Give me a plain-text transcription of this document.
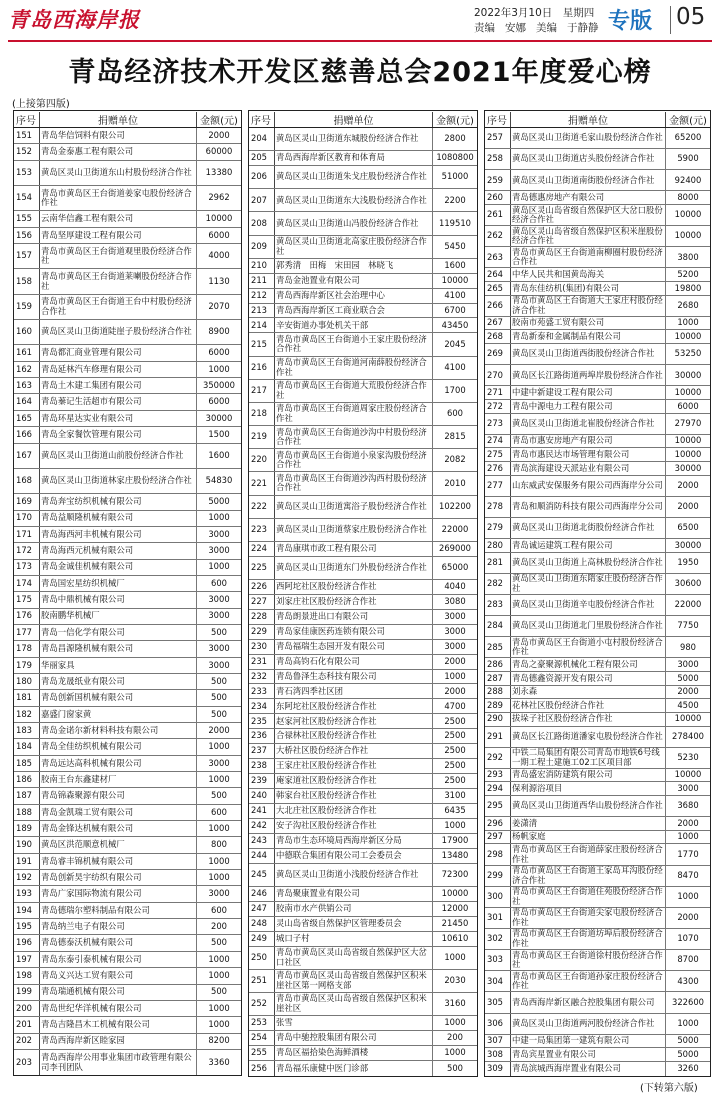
青岛西海岸报	2022年3月10日　星期四
责编 安娜 美编 于静静 专版 05
青岛经济技术开发区慈善总会2021年度爱心榜
(上接第四版)
序号	捐赠单位	金额(元)
151	青岛华信饲料有限公司	2000
152	青岛金泰惠工程有限公司	60000
153	黄岛区灵山卫街道东山村股份经济合作社	13380
154	青岛市黄岛区王台街道姜家屯股份经济合作社	2962
155	云南华信鑫工程有限公司	10000
156	青岛坚厚建设工程有限公司	6000
157	青岛市黄岛区王台街道观里股份经济合作社	4000
158	青岛市黄岛区王台街道莱喇股份经济合作社	1130
159	青岛市黄岛区王台街道王台中村股份经济合作社	2070
160	黄岛区灵山卫街道陡崖子股份经济合作社	8900
161	青岛都汇商业管理有限公司	6000
162	青岛延林汽车修理有限公司	1000
163	青岛土木建工集团有限公司	350000
164	青岛蓁记生活超市有限公司	6000
165	青岛环星达实业有限公司	30000
166	青岛全家餐饮管理有限公司	1500
167	黄岛区灵山卫街道山前股份经济合作社	1600
168	黄岛区灵山卫街道林家庄股份经济合作社	54830
169	青岛奔宝纺织机械有限公司	5000
170	青岛益顺隆机械有限公司	1000
171	青岛海西河丰机械有限公司	3000
172	青岛海西元机械有限公司	3000
173	青岛金诚佳机械有限公司	1000
174	青岛国宏星纺织机械厂	600
175	青岛中鼎机械有限公司	3000
176	胶南鹏华机械厂	3000
177	青岛一信化学有限公司	500
178	青岛昌源隆机械有限公司	3000
179	华丽家具	3000
180	青岛龙晟纸业有限公司	500
181	青岛创新国机械有限公司	500
182	嘉盛门窗家黄	500
183	青岛金诺尔新材料科技有限公司	2000
184	青岛全佳纺织机械有限公司	1000
185	青岛远达高科机械有限公司	3000
186	胶南王台东鑫建材厂	1000
187	青岛锦森聚源有限公司	500
188	青岛金凯瑞工贸有限公司	600
189	青岛金锋达机械有限公司	1000
190	黄岛区洪范顺意机械厂	800
191	青岛睿丰锦机械有限公司	1000
192	青岛创新昊宇纺织有限公司	1000
193	青岛广家国际物流有限公司	3000
194	青岛德瑞尔塑料制品有限公司	600
195	青岛纳兰电子有限公司	200
196	青岛德泰沃机械有限公司	500
197	青岛东泰引泰机械有限公司	1000
198	青岛义兴达工贸有限公司	1000
199	青岛瑞通机械有限公司	500
200	青岛世纪华洋机械有限公司	1000
201	青岛吉隆昌木工机械有限公司	1000
202	青岛西海岸新区睦家园	8200
203	青岛西海岸公用事业集团市政管理有限公司李刊团队	3360
序号	捐赠单位	金额(元)
204	黄岛区灵山卫街道东城股份经济合作社	2800
205	青岛西海岸新区教育和体育局	1080800
206	黄岛区灵山卫街道朱戈庄股份经济合作社	51000
207	黄岛区灵山卫街道东大浅股份经济合作社	2200
208	黄岛区灵山卫街道山冯股份经济合作社	119510
209	黄岛区灵山卫街道北高家庄股份经济合作社	5450
210	郭秀清　田梅　宋田园　林晓飞	1600
211	青岛金池置业有限公司	10000
212	青岛西海岸新区社会治理中心	4100
213	青岛西海岸新区工商业联合会	6700
214	辛安街道办事处机关干部	43450
215	青岛市黄岛区王台街道小王家庄股份经济合作社	2045
216	青岛市黄岛区王台街道河南薛股份经济合作社	4100
217	青岛市黄岛区王台街道大荒股份经济合作社	1700
218	青岛市黄岛区王台街道周家庄股份经济合作社	600
219	青岛市黄岛区王台街道沙沟中村股份经济合作社	2815
220	青岛市黄岛区王台街道小泉家沟股份经济合作社	2082
221	青岛市黄岛区王台街道沙沟西村股份经济合作社	2010
222	黄岛区灵山卫街道寓浴子股份经济合作社	102200
223	黄岛区灵山卫街道蔡家庄股份经济合作社	22000
224	青岛康琪市政工程有限公司	269000
225	黄岛区灵山卫街道东门外股份经济合作社	65000
226	西阿坨社区股份经济合作社	4040
227	刘家庄社区股份经济合作社	3080
228	青岛朗景进出口有限公司	3000
229	青岛家佳康医药连锁有限公司	3000
230	青岛福瑞生态园开发有限公司	3000
231	青岛高钧石化有限公司	2000
232	青岛鲁泽生态科技有限公司	1000
233	青石湾四季社区团	2000
234	东阿坨社区股份经济合作社	4700
235	赵家河社区股份经济合作社	2500
236	合禄林社区股份经济合作社	2500
237	大桥社区股份经济合作社	2500
238	王家庄社区股份经济合作社	2500
239	庵家道社区股份经济合作社	2500
240	韩家台社区股份经济合作社	3100
241	大北庄社区股份经济合作社	6435
242	安子沟社区股份经济合作社	1000
243	青岛市生态环境局西海岸新区分局	17900
244	中德联合集团有限公司工会委员会	13480
245	黄岛区灵山卫街道小浅股份经济合作社	72300
246	青岛聚康置业有限公司	10000
247	胶南市水产供销公司	12000
248	灵山岛省级自然保护区管理委员会	21450
249	城口子村	10610
250	青岛市黄岛区灵山岛省级自然保护区大岔口社区	1000
251	青岛市黄岛区灵山岛省级自然保护区积米崖社区第一网格支部	2030
252	青岛市黄岛区灵山岛省级自然保护区积米崖社区	3160
253	张雪	1000
254	青岛中驰控股集团有限公司	200
255	青岛区福拾染色海鲜酒楼	1000
256	青岛福乐康健中医门诊部	500
序号	捐赠单位	金额(元)
257	黄岛区灵山卫街道毛家山股份经济合作社	65200
258	黄岛区灵山卫街道店头股份经济合作社	5900
259	黄岛区灵山卫街道南街股份经济合作社	92400
260	青岛德惠房地产有限公司	8000
261	黄岛区灵山岛省级自然保护区大岔口股份经济合作社	10000
262	黄岛区灵山岛省级自然保护区积米崖股份经济合作社	10000
263	青岛市黄岛区王台街道南柳圈村股份经济合作社	3800
264	中华人民共和国黄岛海关	5200
265	青岛东佳纺机(集团)有限公司	19800
266	青岛市黄岛区王台街道大王家庄村股份经济合作社	2680
267	胶南市苑盛工贸有限公司	1000
268	青岛新泰和金属制品有限公司	10000
269	黄岛区灵山卫街道西街股份经济合作社	53250
270	黄岛区长江路街道两埠岸股份经济合作社	30000
271	中建中新建设工程有限公司	10000
272	青岛中源电力工程有限公司	6000
273	黄岛区灵山卫街道北崔股份经济合作社	27970
274	青岛市惠安房地产有限公司	10000
275	青岛市惠民达市场管理有限公司	10000
276	青岛滨海建设天派站业有限公司	30000
277	山东威武安保服务有限公司西海岸分公司	2000
278	青岛和顺消防科技有限公司西海岸分公司	2000
279	黄岛区灵山卫街道北街股份经济合作社	6500
280	青岛诚运建筑工程有限公司	30000
281	黄岛区灵山卫街道上高林股份经济合作社	1950
282	黄岛区灵山卫街道东隋家庄股份经济合作社	30600
283	黄岛区灵山卫街道辛屯股份经济合作社	22000
284	黄岛区灵山卫街道北门里股份经济合作社	7750
285	青岛市黄岛区王台街道小屯村股份经济合作社	980
286	青岛之豪聚源机械化工程有限公司	3000
287	青岛德鑫资源开发有限公司	5000
288	刘永森	2000
289	花林社区股份经济合作社	4500
290	拔垛子社区股份经济合作社	10000
291	黄岛区长江路街道潘家屯股份经济合作社	278400
292	中铁二局集团有限公司青岛市地铁6号线一期工程土建施工02工区项目部	5230
293	青岛盛宏消防建筑有限公司	10000
294	保利源浴项目	3000
295	黄岛区灵山卫街道西华山股份经济合作社	3680
296	姜潇清	2000
297	杨帆家庭	1000
298	青岛市黄岛区王台街道薛家庄股份经济合作社	1770
299	青岛市黄岛区王台街道王家岛耳沟股份经济合作社	8470
300	青岛市黄岛区王台街道住苑股份经济合作社	1000
301	青岛市黄岛区王台街道尖家屯股份经济合作社	2000
302	青岛市黄岛区王台街道坊埠后股份经济合作社	1070
303	青岛市黄岛区王台街道徐村股份经济合作社	8700
304	青岛市黄岛区王台街道孙家庄股份经济合作社	4300
305	青岛西海岸新区融合控股集团有限公司	322600
306	黄岛区灵山卫街道两河股份经济合作社	1000
307	中建一局集团第一建筑有限公司	5000
308	青岛宾星置业有限公司	5000
309	青岛滨城西海岸置业有限公司	3260
(下转第六版)
